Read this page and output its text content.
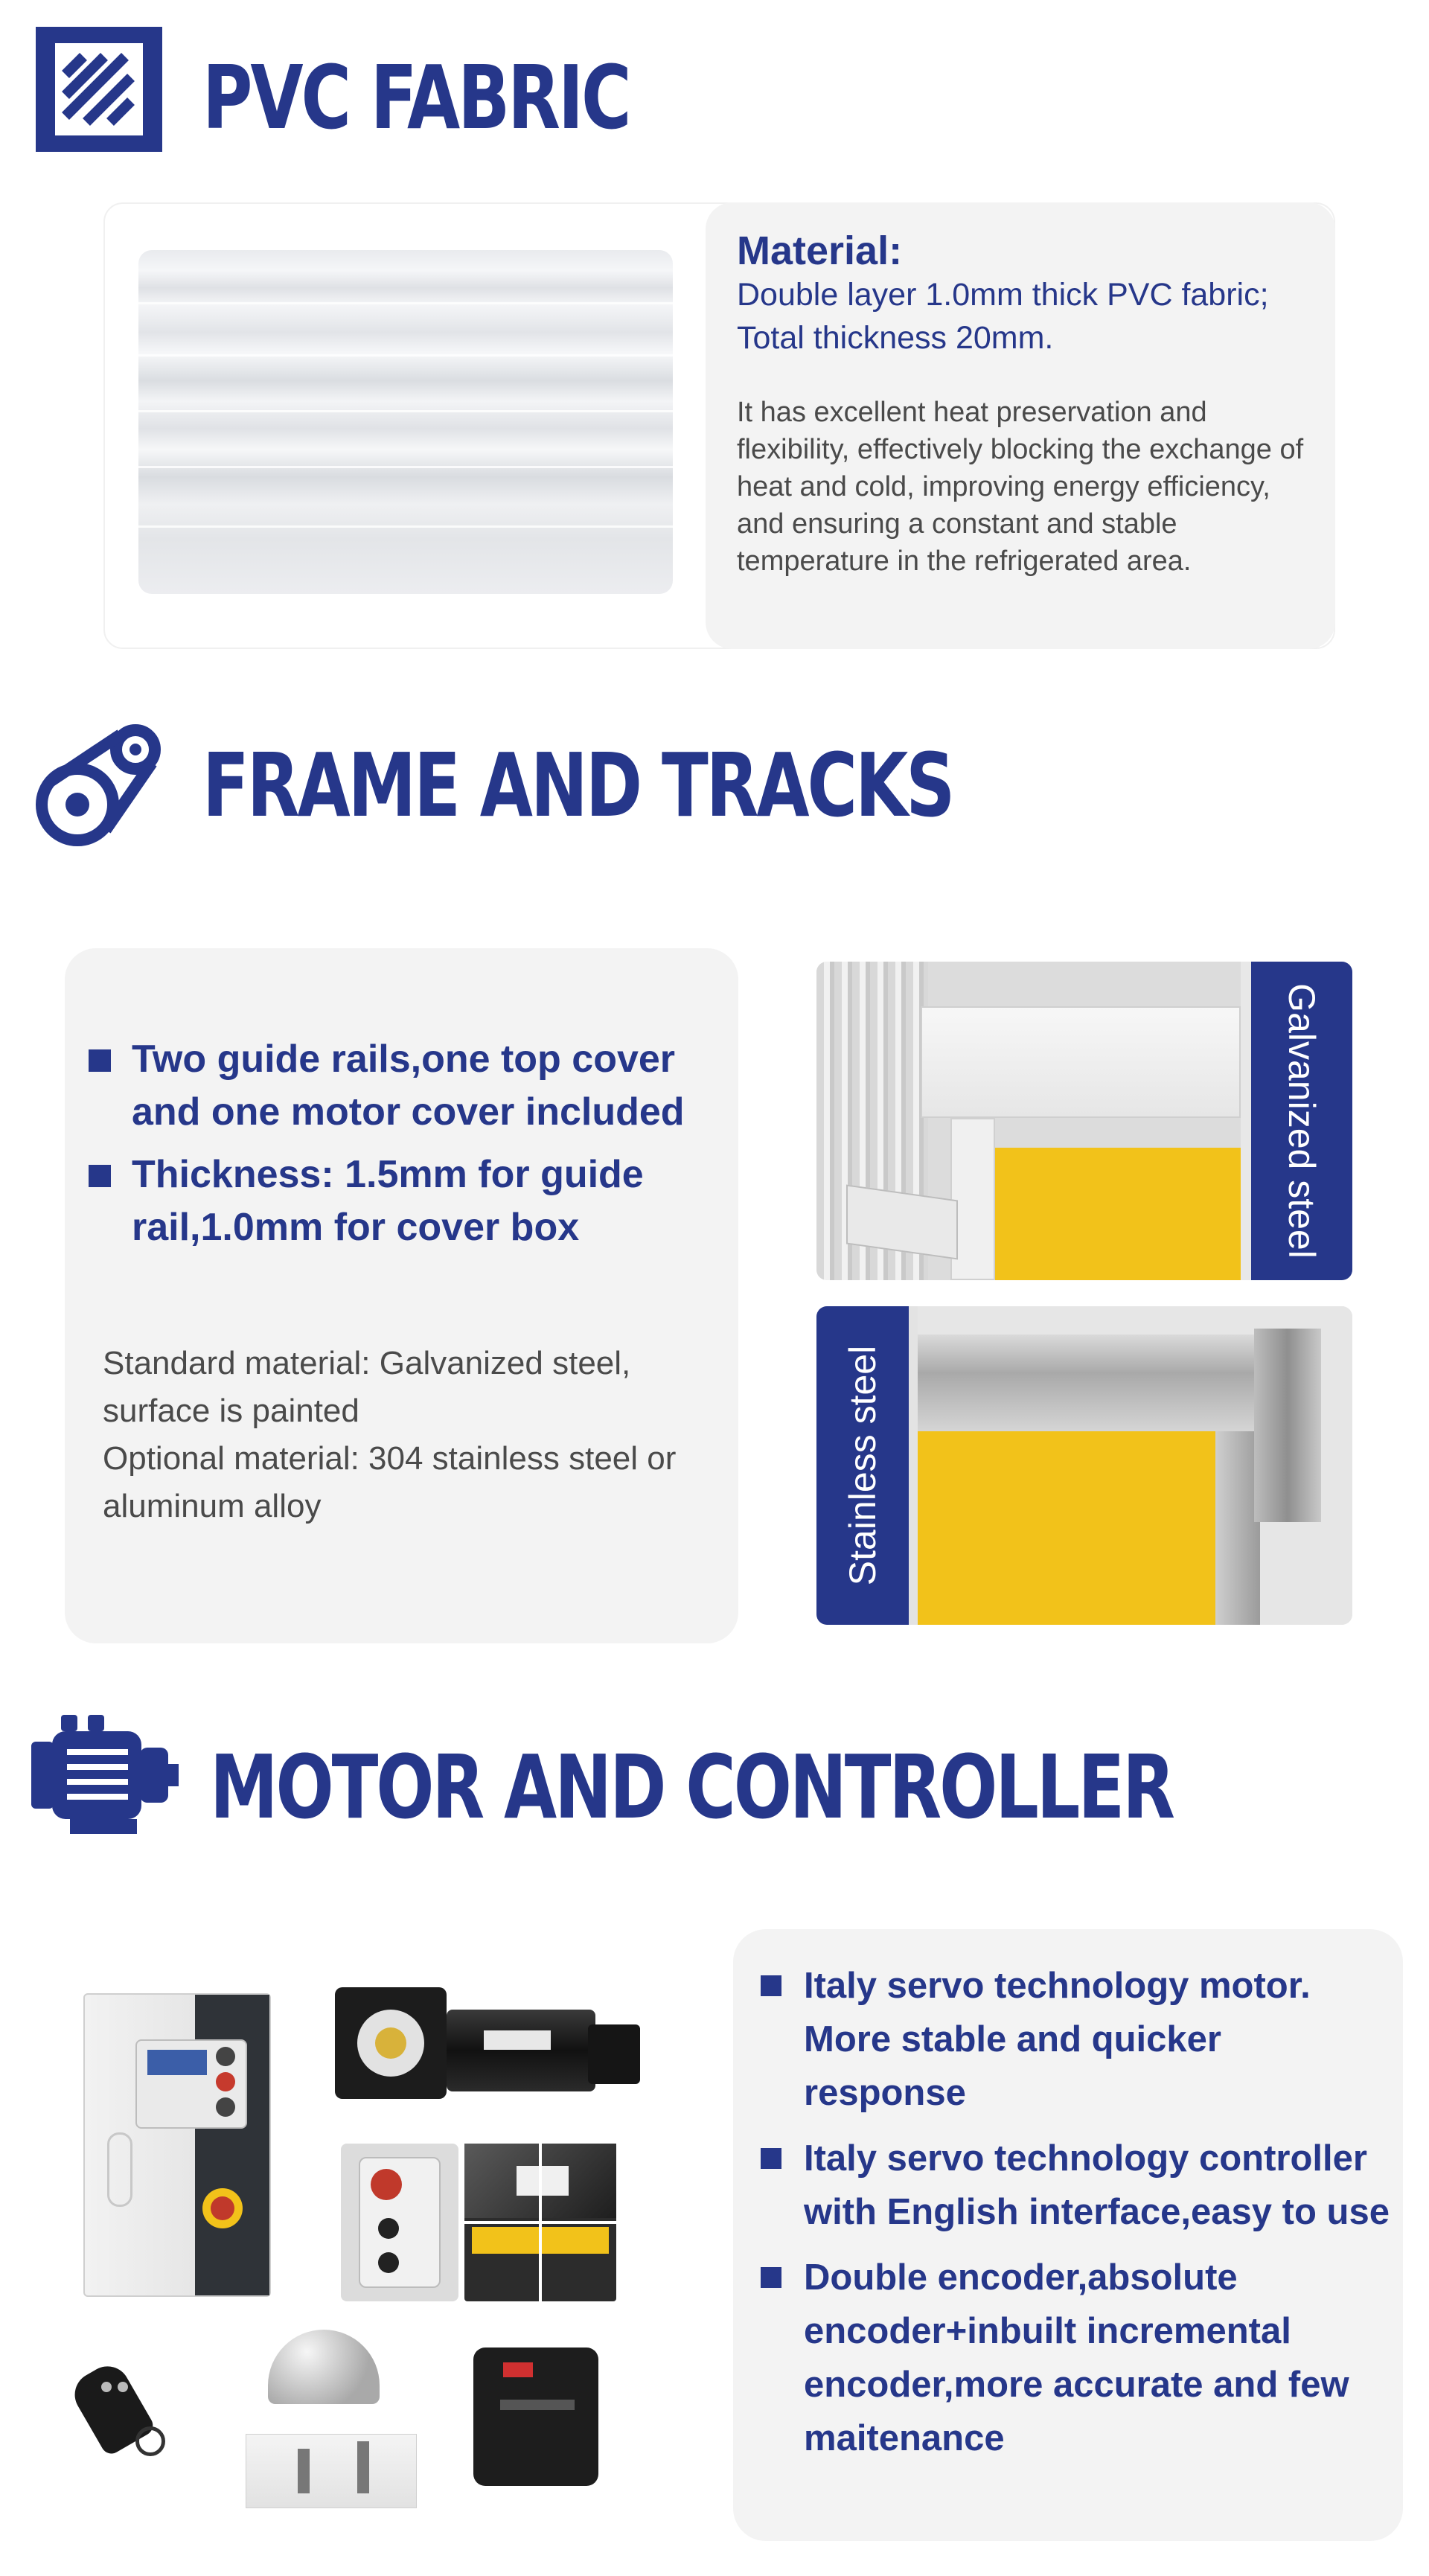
PVC FABRIC
Material:
Double layer 1.0mm thick PVC fabric;
Total thickness 20mm.
It has excellent heat preservation and flexibility, effectively blocking the exchange of heat and cold, improving energy efficiency, and ensuring a constant and stable temperature in the refrigerated area.
FRAME AND TRACKS
Two guide rails,one top cover and one motor cover included
Thickness: 1.5mm for guide rail,1.0mm for cover box
Standard material: Galvanized steel, surface is painted
Optional material: 304 stainless steel or aluminum alloy
Galvanized steel
Stainless steel
MOTOR AND CONTROLLER
Italy servo technology motor. More stable and quicker response
Italy servo technology controller with English interface,easy to use
Double encoder,absolute encoder+inbuilt incremental encoder,more accurate and few maitenance
